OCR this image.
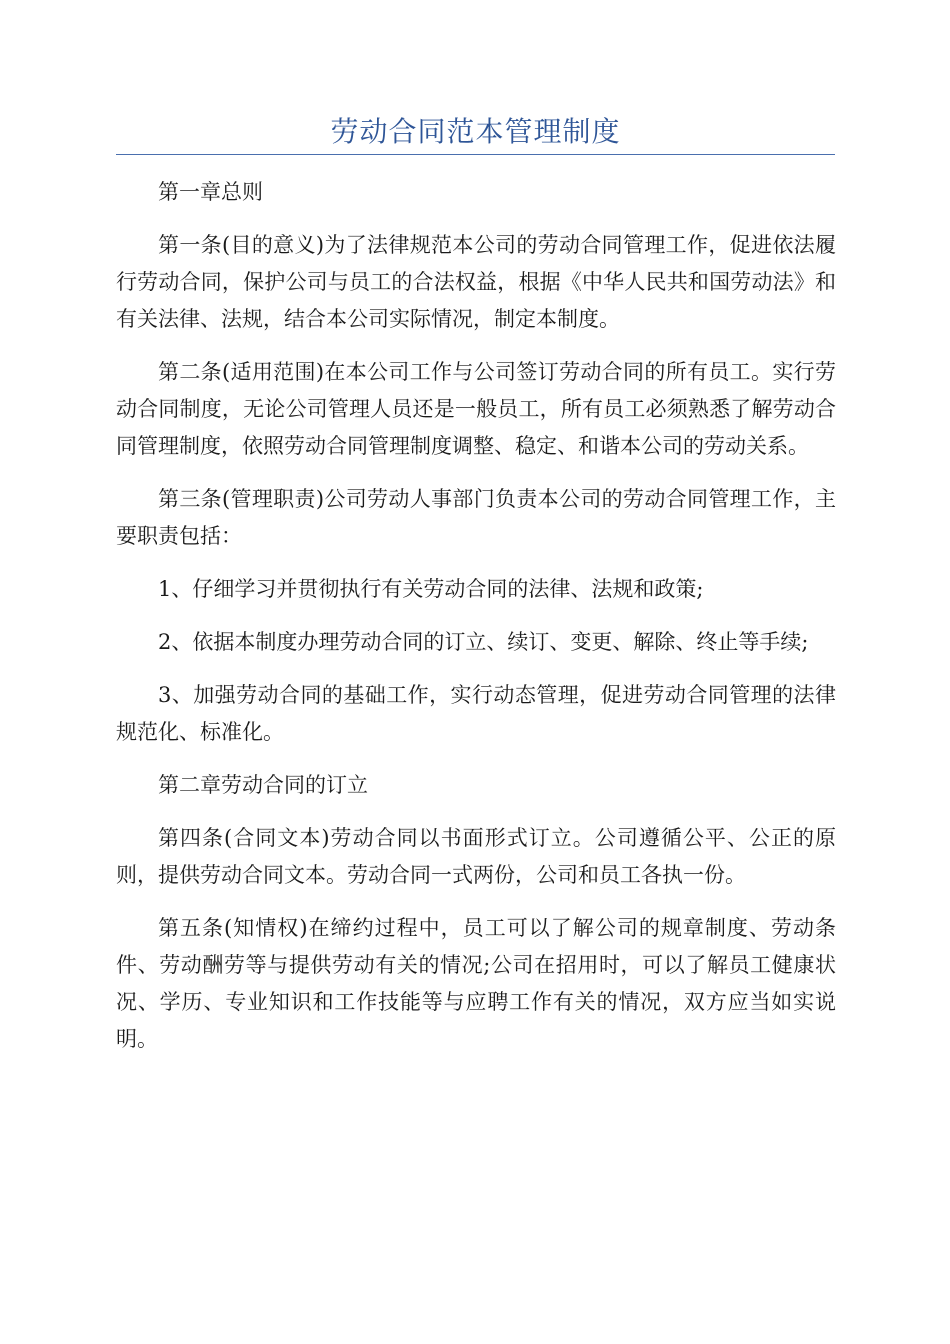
劳动合同范本管理制度

第一章总则

第一条(目的意义)为了法律规范本公司的劳动合同管理工作，促进依法履行劳动合同，保护公司与员工的合法权益，根据《中华人民共和国劳动法》和有关法律、法规，结合本公司实际情况，制定本制度。

第二条(适用范围)在本公司工作与公司签订劳动合同的所有员工。实行劳动合同制度，无论公司管理人员还是一般员工，所有员工必须熟悉了解劳动合同管理制度，依照劳动合同管理制度调整、稳定、和谐本公司的劳动关系。

第三条(管理职责)公司劳动人事部门负责本公司的劳动合同管理工作，主要职责包括：

1、仔细学习并贯彻执行有关劳动合同的法律、法规和政策;

2、依据本制度办理劳动合同的订立、续订、变更、解除、终止等手续;

3、加强劳动合同的基础工作，实行动态管理，促进劳动合同管理的法律规范化、标准化。

第二章劳动合同的订立

第四条(合同文本)劳动合同以书面形式订立。公司遵循公平、公正的原则，提供劳动合同文本。劳动合同一式两份，公司和员工各执一份。

第五条(知情权)在缔约过程中，员工可以了解公司的规章制度、劳动条件、劳动酬劳等与提供劳动有关的情况;公司在招用时，可以了解员工健康状况、学历、专业知识和工作技能等与应聘工作有关的情况，双方应当如实说明。
